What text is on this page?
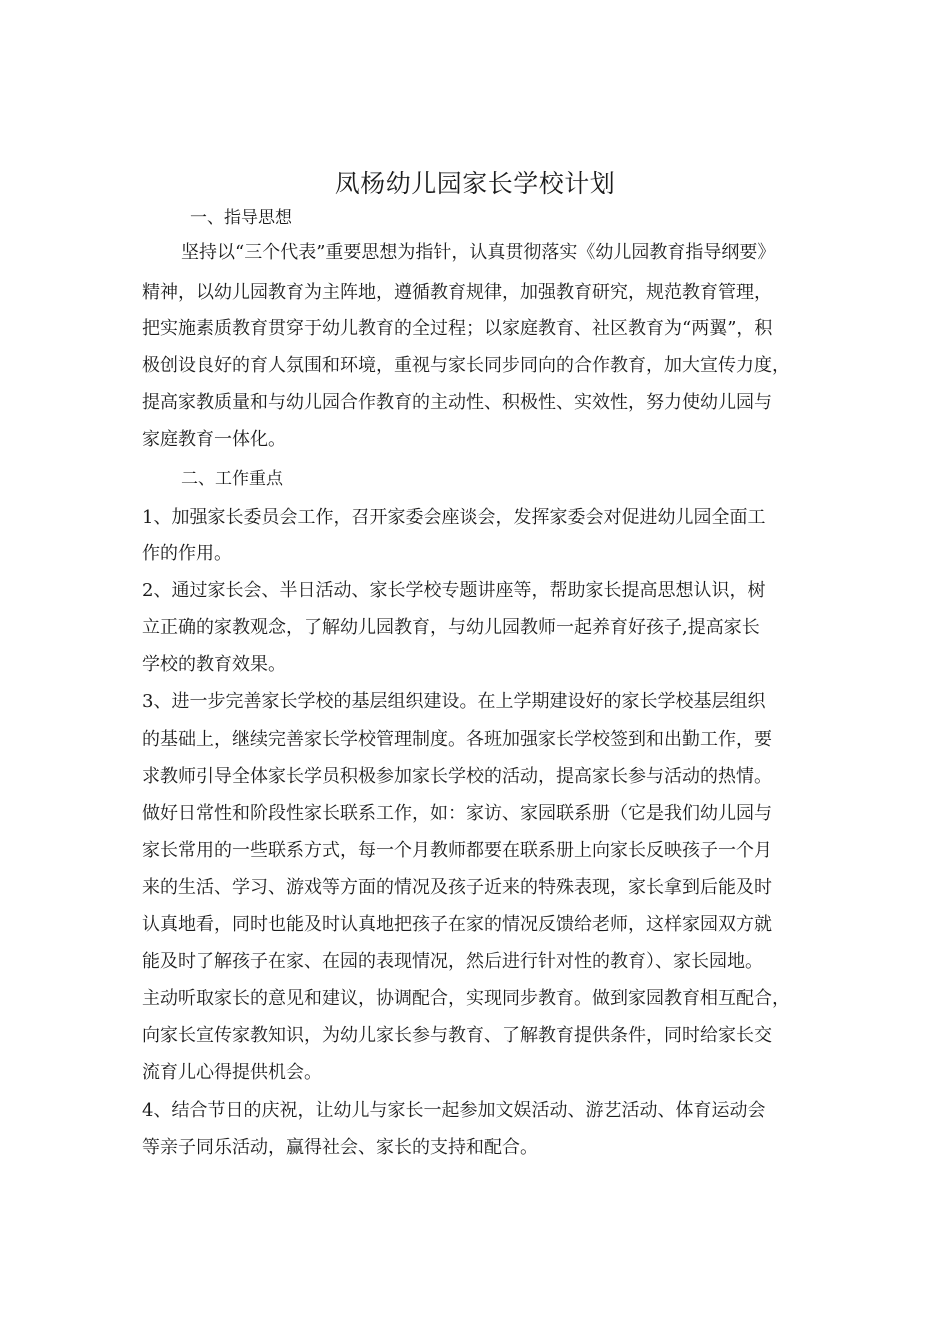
凤杨幼儿园家长学校计划

一、指导思想

坚持以“三个代表”重要思想为指针，认真贯彻落实《幼儿园教育指导纲要》

精神，以幼儿园教育为主阵地，遵循教育规律，加强教育研究，规范教育管理，

把实施素质教育贯穿于幼儿教育的全过程；以家庭教育、社区教育为“两翼”，积

极创设良好的育人氛围和环境，重视与家长同步同向的合作教育，加大宣传力度，

提高家教质量和与幼儿园合作教育的主动性、积极性、实效性，努力使幼儿园与

家庭教育一体化。

二、工作重点

1、加强家长委员会工作，召开家委会座谈会，发挥家委会对促进幼儿园全面工

作的作用。

2、通过家长会、半日活动、家长学校专题讲座等，帮助家长提高思想认识，树

立正确的家教观念，了解幼儿园教育，与幼儿园教师一起养育好孩子,提高家长

学校的教育效果。

3、进一步完善家长学校的基层组织建设。在上学期建设好的家长学校基层组织

的基础上，继续完善家长学校管理制度。各班加强家长学校签到和出勤工作，要

求教师引导全体家长学员积极参加家长学校的活动，提高家长参与活动的热情。

做好日常性和阶段性家长联系工作，如：家访、家园联系册（它是我们幼儿园与

家长常用的一些联系方式，每一个月教师都要在联系册上向家长反映孩子一个月

来的生活、学习、游戏等方面的情况及孩子近来的特殊表现，家长拿到后能及时

认真地看，同时也能及时认真地把孩子在家的情况反馈给老师，这样家园双方就

能及时了解孩子在家、在园的表现情况，然后进行针对性的教育）、家长园地。

主动听取家长的意见和建议，协调配合，实现同步教育。做到家园教育相互配合，

向家长宣传家教知识，为幼儿家长参与教育、了解教育提供条件，同时给家长交

流育儿心得提供机会。

4、结合节日的庆祝，让幼儿与家长一起参加文娱活动、游艺活动、体育运动会

等亲子同乐活动，赢得社会、家长的支持和配合。
